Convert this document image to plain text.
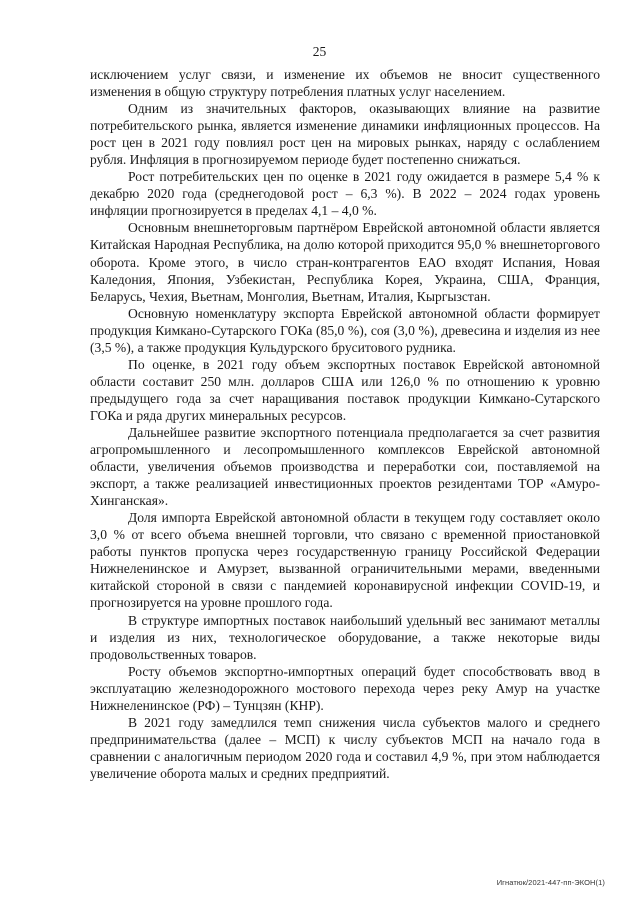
25

исключением услуг связи, и изменение их объемов не вносит существенного изменения в общую структуру потребления платных услуг населением.

Одним из значительных факторов, оказывающих влияние на развитие потребительского рынка, является изменение динамики инфляционных процессов. На рост цен в 2021 году повлиял рост цен на мировых рынках, наряду с ослаблением рубля. Инфляция в прогнозируемом периоде будет постепенно снижаться.

Рост потребительских цен по оценке в 2021 году ожидается в размере 5,4 % к декабрю 2020 года (среднегодовой рост – 6,3 %). В 2022 – 2024 годах уровень инфляции прогнозируется в пределах 4,1 – 4,0 %.

Основным внешнеторговым партнёром Еврейской автономной области является Китайская Народная Республика, на долю которой приходится 95,0 % внешнеторгового оборота. Кроме этого, в число стран-контрагентов ЕАО входят Испания, Новая Каледония, Япония, Узбекистан, Республика Корея, Украина, США, Франция, Беларусь, Чехия, Вьетнам, Монголия, Вьетнам, Италия, Кыргызстан.

Основную номенклатуру экспорта Еврейской автономной области формирует продукция Кимкано-Сутарского ГОКа (85,0 %), соя (3,0 %), древесина и изделия из нее (3,5 %), а также продукция Кульдурского бруситового рудника.

По оценке, в 2021 году объем экспортных поставок Еврейской автономной области составит 250 млн. долларов США или 126,0 % по отношению к уровню предыдущего года за счет наращивания поставок продукции Кимкано-Сутарского ГОКа и ряда других минеральных ресурсов.

Дальнейшее развитие экспортного потенциала предполагается за счет развития агропромышленного и лесопромышленного комплексов Еврейской автономной области, увеличения объемов производства и переработки сои, поставляемой на экспорт, а также реализацией инвестиционных проектов резидентами ТОР «Амуро-Хинганская».

Доля импорта Еврейской автономной области в текущем году составляет около 3,0 % от всего объема внешней торговли, что связано с временной приостановкой работы пунктов пропуска через государственную границу Российской Федерации Нижнеленинское и Амурзет, вызванной ограничительными мерами, введенными китайской стороной в связи с пандемией коронавирусной инфекции COVID-19, и прогнозируется на уровне прошлого года.

В структуре импортных поставок наибольший удельный вес занимают металлы и изделия из них, технологическое оборудование, а также некоторые виды продовольственных товаров.

Росту объемов экспортно-импортных операций будет способствовать ввод в эксплуатацию железнодорожного мостового перехода через реку Амур на участке Нижнеленинское (РФ) – Тунцзян (КНР).

В 2021 году замедлился темп снижения числа субъектов малого и среднего предпринимательства (далее – МСП) к числу субъектов МСП на начало года в сравнении с аналогичным периодом 2020 года и составил 4,9 %, при этом наблюдается увеличение оборота малых и средних предприятий.

Игнатюк/2021-447-пп-ЭКОН(1)
